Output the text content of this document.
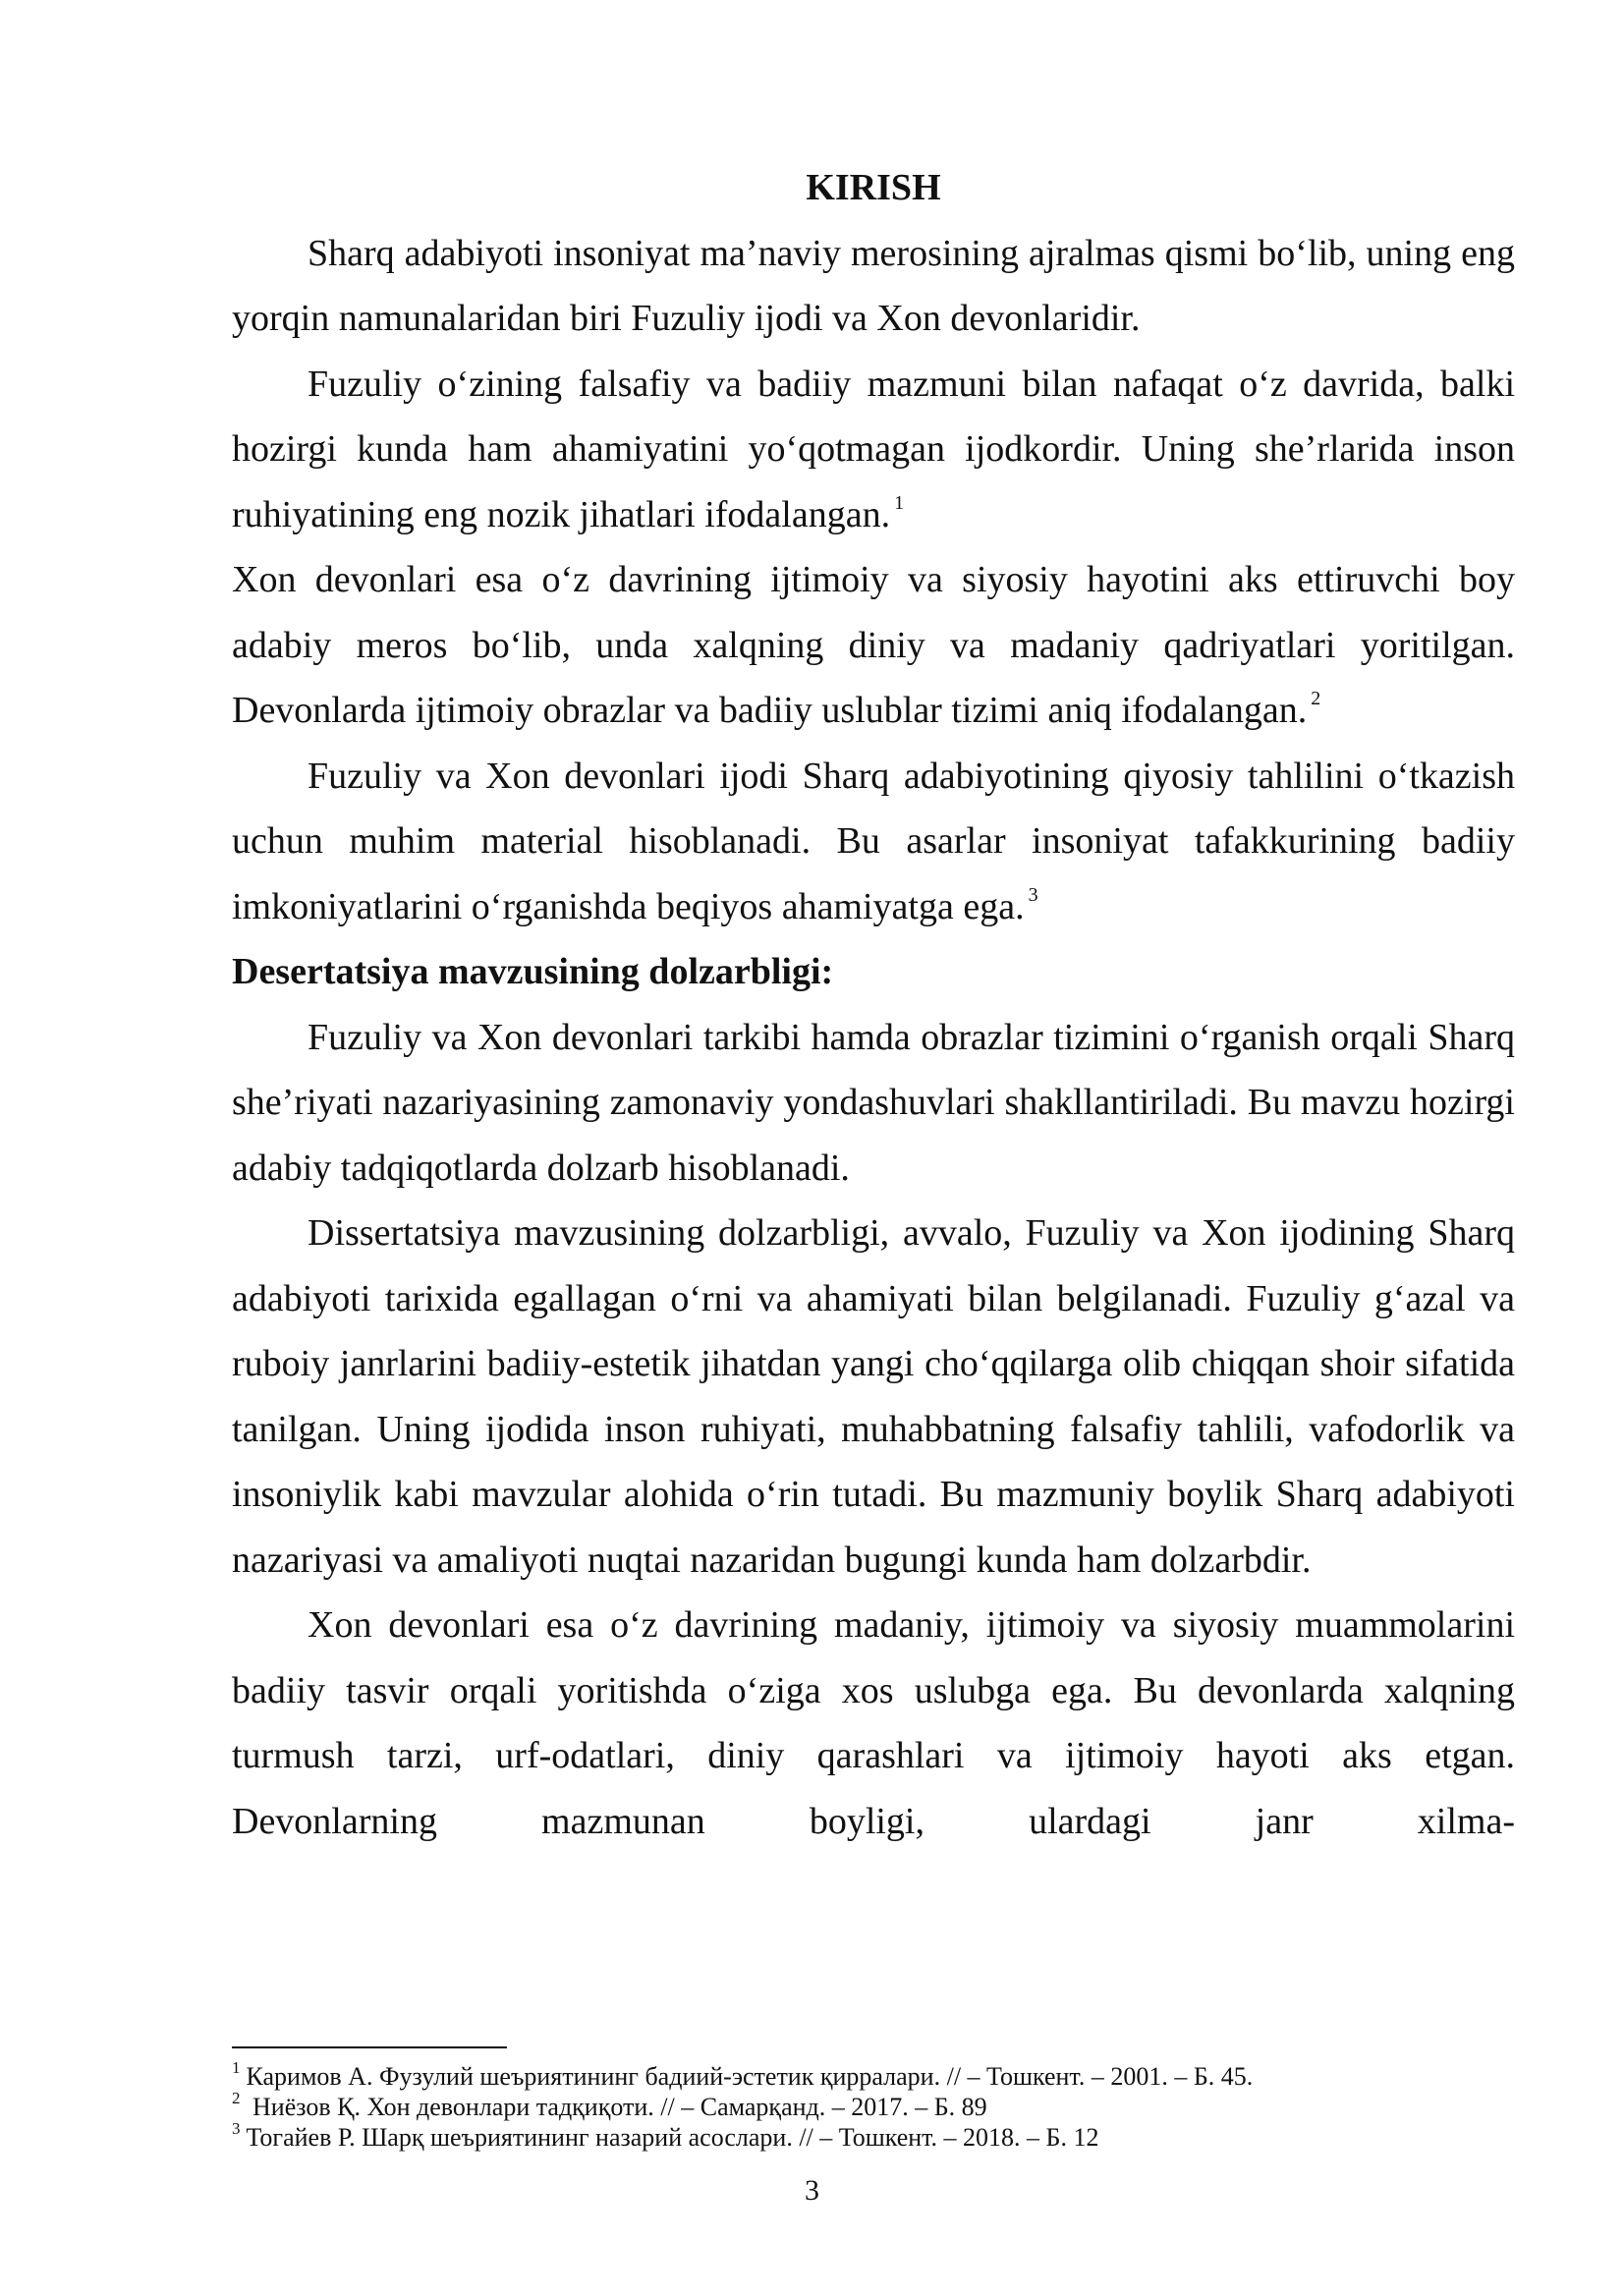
KIRISH

Sharq adabiyoti insoniyat ma’naviy merosining ajralmas qismi bo‘lib, uning eng yorqin namunalaridan biri Fuzuliy ijodi va Xon devonlaridir.

Fuzuliy o‘zining falsafiy va badiiy mazmuni bilan nafaqat o‘z davrida, balki hozirgi kunda ham ahamiyatini yo‘qotmagan ijodkordir. Uning she’rlarida inson ruhiyatining eng nozik jihatlari ifodalangan. $^1$

Xon devonlari esa o‘z davrining ijtimoiy va siyosiy hayotini aks ettiruvchi boy adabiy meros bo‘lib, unda xalqning diniy va madaniy qadriyatlari yoritilgan. Devonlarda ijtimoiy obrazlar va badiiy uslublar tizimi aniq ifodalangan. $^2$

Fuzuliy va Xon devonlari ijodi Sharq adabiyotining qiyosiy tahlilini o‘tkazish uchun muhim material hisoblanadi. Bu asarlar insoniyat tafakkurining badiiy imkoniyatlarini o‘rganishda beqiyos ahamiyatga ega. $^3$

Desertatsiya mavzusining dolzarbligi:

Fuzuliy va Xon devonlari tarkibi hamda obrazlar tizimini o‘rganish orqali Sharq she’riyati nazariyasining zamonaviy yondashuvlari shakllantiriladi. Bu mavzu hozirgi adabiy tadqiqotlarda dolzarb hisoblanadi.

Dissertatsiya mavzusining dolzarbligi, avvalo, Fuzuliy va Xon ijodining Sharq adabiyoti tarixida egallagan o‘rni va ahamiyati bilan belgilanadi. Fuzuliy g‘azal va ruboiy janrlarini badiiy-estetik jihatdan yangi cho‘qqilarga olib chiqqan shoir sifatida tanilgan. Uning ijodida inson ruhiyati, muhabbatning falsafiy tahlili, vafodorlik va insoniylik kabi mavzular alohida o‘rin tutadi. Bu mazmuniy boylik Sharq adabiyoti nazariyasi va amaliyoti nuqtai nazaridan bugungi kunda ham dolzarbdir.

Xon devonlari esa o‘z davrining madaniy, ijtimoiy va siyosiy muammolarini badiiy tasvir orqali yoritishda o‘ziga xos uslubga ega. Bu devonlarda xalqning turmush tarzi, urf-odatlari, diniy qarashlari va ijtimoiy hayoti aks etgan. Devonlarning mazmunan boyligi, ulardagi janr xilma-

$^1$ Каримов А. Фузулий шеъриятининг бадиий-эстетик қирралари. // – Тошкент. – 2001. – Б. 45.

$^2$ Ниёзов Қ. Хон девонлари тадқиқоти. // – Самарқанд. – 2017. – Б. 89

$^3$ Тогайев Р. Шарқ шеъриятининг назарий асослари. // – Тошкент. – 2018. – Б. 12

3
